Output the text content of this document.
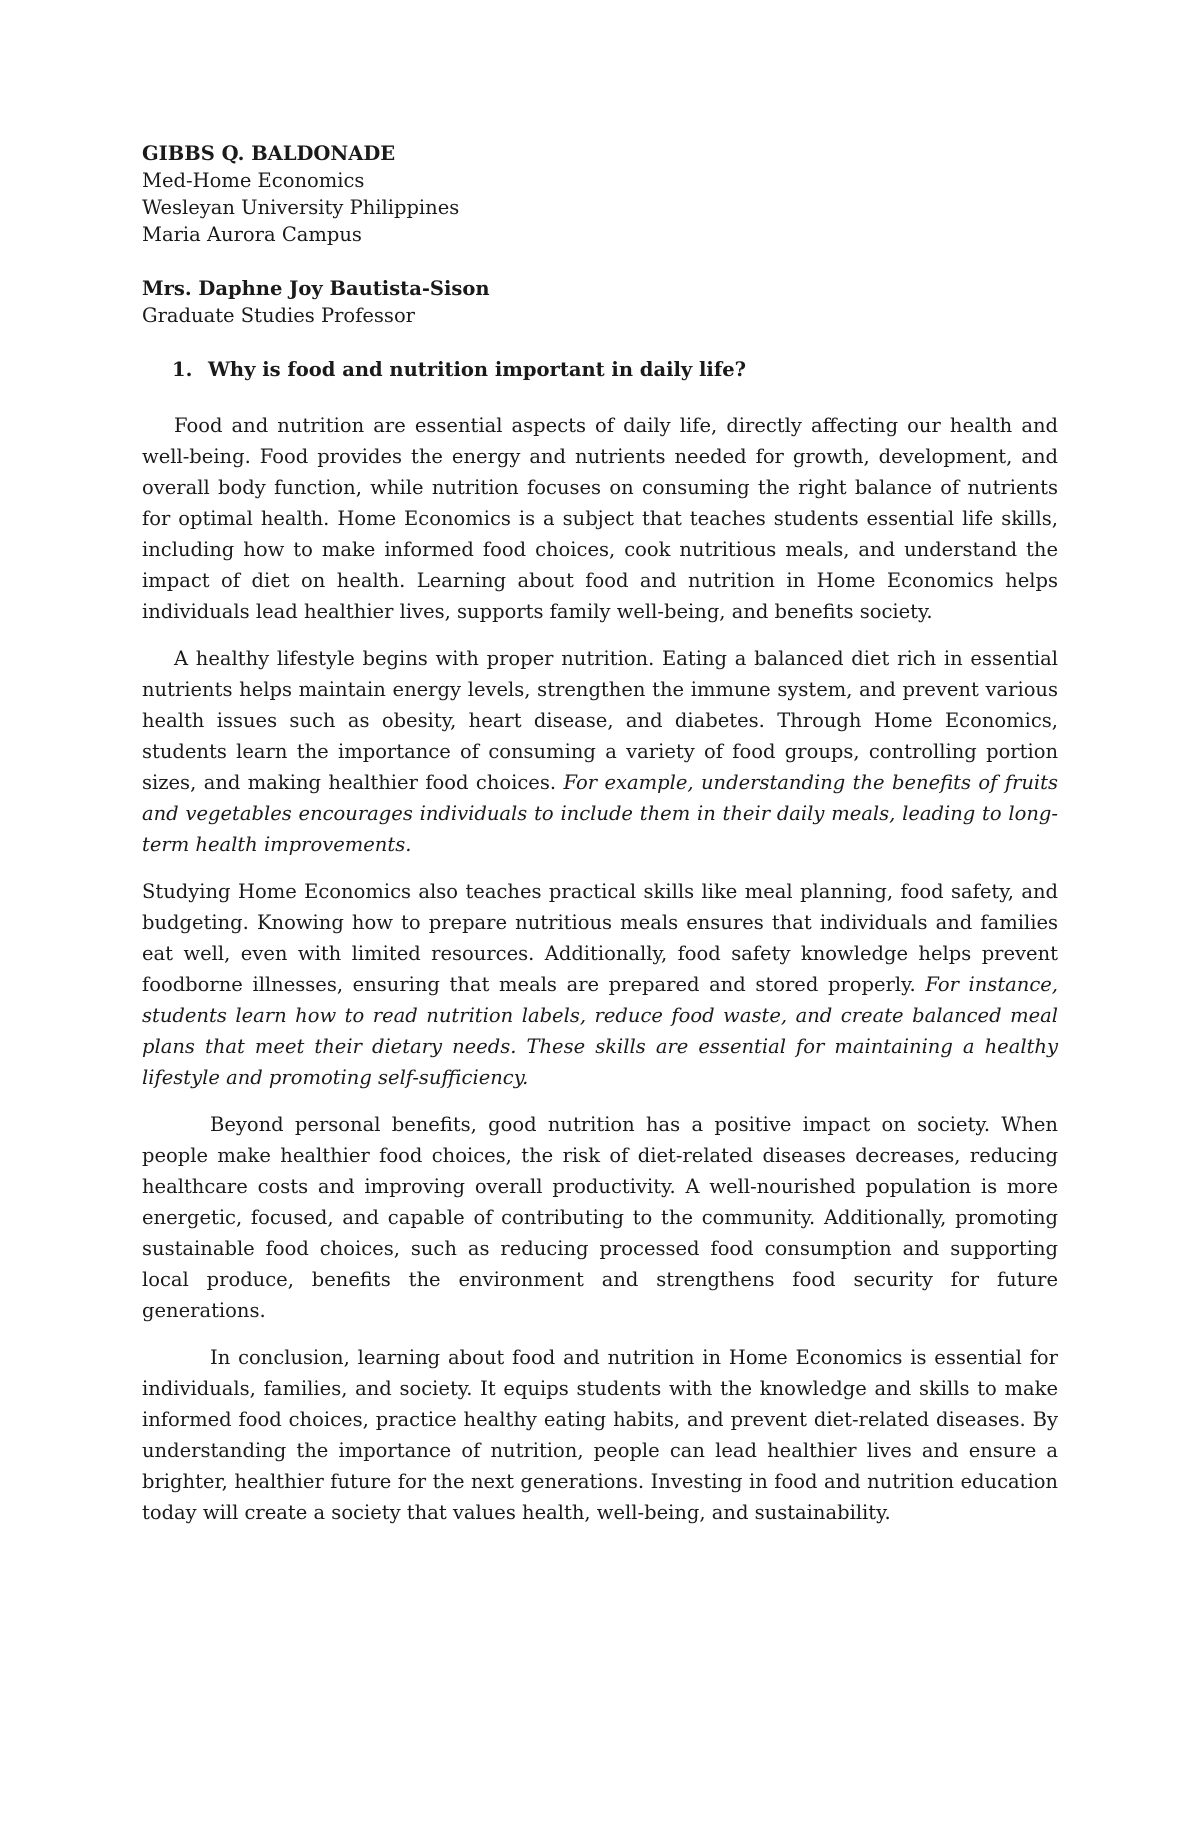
GIBBS Q. BALDONADE

Med-Home Economics

Wesleyan University Philippines

Maria Aurora Campus

Mrs. Daphne Joy Bautista-Sison

Graduate Studies Professor

1. Why is food and nutrition important in daily life?

Food and nutrition are essential aspects of daily life, directly affecting our health and well-being. Food provides the energy and nutrients needed for growth, development, and overall body function, while nutrition focuses on consuming the right balance of nutrients for optimal health. Home Economics is a subject that teaches students essential life skills, including how to make informed food choices, cook nutritious meals, and understand the impact of diet on health. Learning about food and nutrition in Home Economics helps individuals lead healthier lives, supports family well-being, and benefits society.

A healthy lifestyle begins with proper nutrition. Eating a balanced diet rich in essential nutrients helps maintain energy levels, strengthen the immune system, and prevent various health issues such as obesity, heart disease, and diabetes. Through Home Economics, students learn the importance of consuming a variety of food groups, controlling portion sizes, and making healthier food choices. For example, understanding the benefits of fruits and vegetables encourages individuals to include them in their daily meals, leading to long-term health improvements.

Studying Home Economics also teaches practical skills like meal planning, food safety, and budgeting. Knowing how to prepare nutritious meals ensures that individuals and families eat well, even with limited resources. Additionally, food safety knowledge helps prevent foodborne illnesses, ensuring that meals are prepared and stored properly. For instance, students learn how to read nutrition labels, reduce food waste, and create balanced meal plans that meet their dietary needs. These skills are essential for maintaining a healthy lifestyle and promoting self-sufficiency.

Beyond personal benefits, good nutrition has a positive impact on society. When people make healthier food choices, the risk of diet-related diseases decreases, reducing healthcare costs and improving overall productivity. A well-nourished population is more energetic, focused, and capable of contributing to the community. Additionally, promoting sustainable food choices, such as reducing processed food consumption and supporting local produce, benefits the environment and strengthens food security for future generations.

In conclusion, learning about food and nutrition in Home Economics is essential for individuals, families, and society. It equips students with the knowledge and skills to make informed food choices, practice healthy eating habits, and prevent diet-related diseases. By understanding the importance of nutrition, people can lead healthier lives and ensure a brighter, healthier future for the next generations. Investing in food and nutrition education today will create a society that values health, well-being, and sustainability.
